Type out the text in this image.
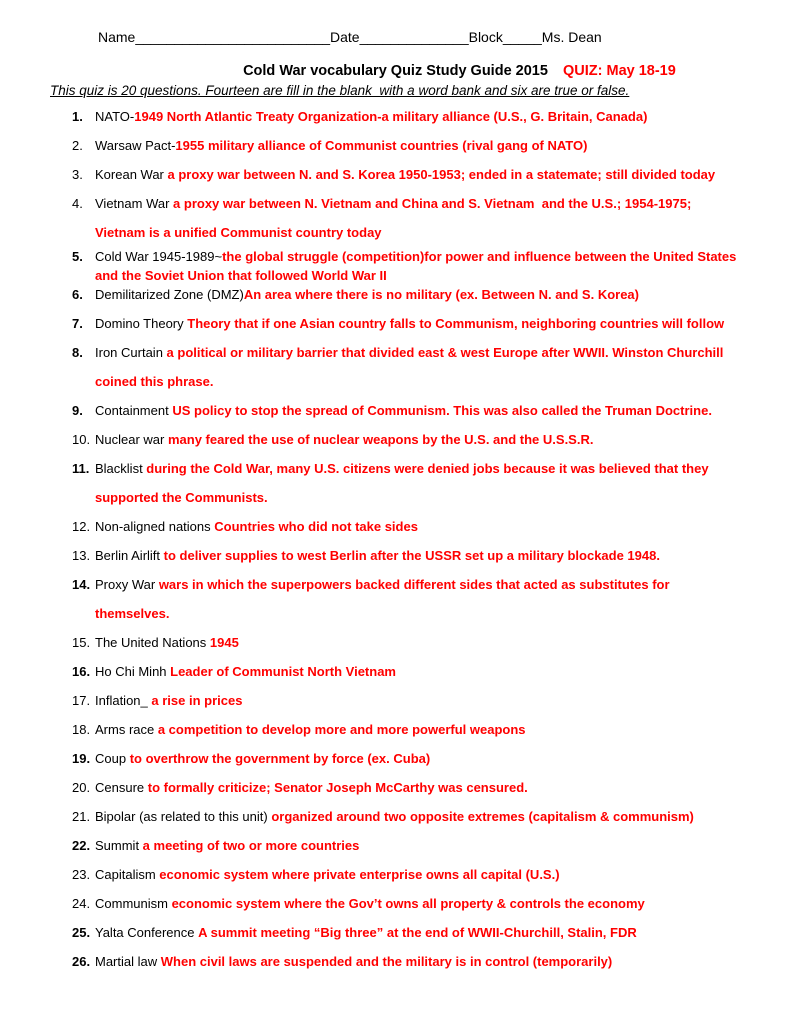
Name_________________________Date______________Block_____Ms. Dean
Cold War vocabulary Quiz Study Guide 2015 QUIZ: May 18-19
This quiz is 20 questions. Fourteen are fill in the blank  with a word bank and six are true or false.
1. NATO-1949 North Atlantic Treaty Organization-a military alliance (U.S., G. Britain, Canada)
2. Warsaw Pact-1955 military alliance of Communist countries (rival gang of NATO)
3. Korean War a proxy war between N. and S. Korea 1950-1953; ended in a statemate; still divided today
4. Vietnam War a proxy war between N. Vietnam and China and S. Vietnam  and the U.S.; 1954-1975;
Vietnam is a unified Communist country today
5. Cold War 1945-1989~the global struggle (competition)for power and influence between the United States
and the Soviet Union that followed World War II
6. Demilitarized Zone (DMZ)An area where there is no military (ex. Between N. and S. Korea)
7. Domino Theory Theory that if one Asian country falls to Communism, neighboring countries will follow
8. Iron Curtain a political or military barrier that divided east & west Europe after WWII. Winston Churchill
coined this phrase.
9. Containment US policy to stop the spread of Communism. This was also called the Truman Doctrine.
10. Nuclear war many feared the use of nuclear weapons by the U.S. and the U.S.S.R.
11. Blacklist during the Cold War, many U.S. citizens were denied jobs because it was believed that they
supported the Communists.
12. Non-aligned nations Countries who did not take sides
13. Berlin Airlift to deliver supplies to west Berlin after the USSR set up a military blockade 1948.
14. Proxy War wars in which the superpowers backed different sides that acted as substitutes for
themselves.
15. The United Nations 1945
16. Ho Chi Minh Leader of Communist North Vietnam
17. Inflation_ a rise in prices
18. Arms race a competition to develop more and more powerful weapons
19. Coup to overthrow the government by force (ex. Cuba)
20. Censure to formally criticize; Senator Joseph McCarthy was censured.
21. Bipolar (as related to this unit) organized around two opposite extremes (capitalism & communism)
22. Summit a meeting of two or more countries
23. Capitalism economic system where private enterprise owns all capital (U.S.)
24. Communism economic system where the Gov’t owns all property & controls the economy
25. Yalta Conference A summit meeting “Big three” at the end of WWII-Churchill, Stalin, FDR
26. Martial law When civil laws are suspended and the military is in control (temporarily)
